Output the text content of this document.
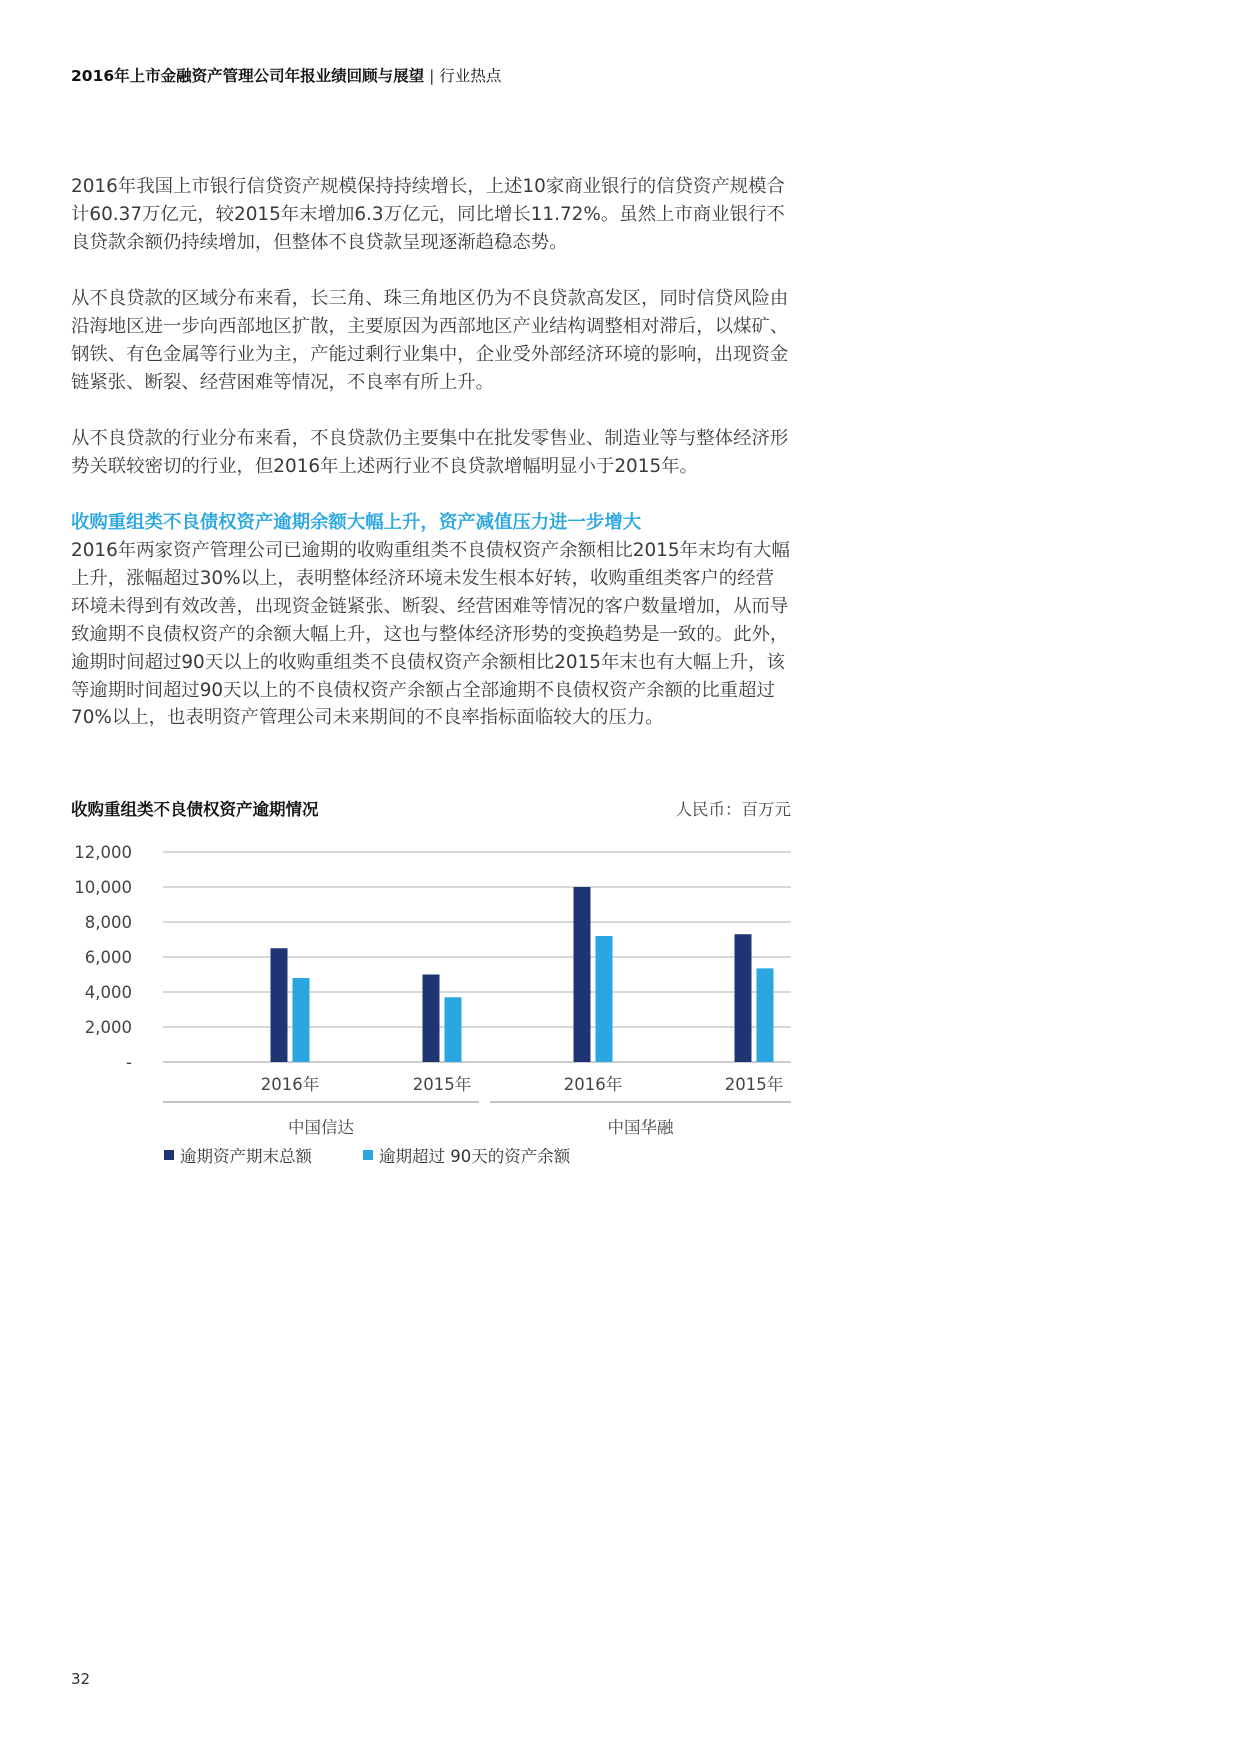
2016年上市金融资产管理公司年报业绩回顾与展望 | 行业热点

2016年我国上市银行信贷资产规模保持持续增长，上述10家商业银行的信贷资产规模合计60.37万亿元，较2015年末增加6.3万亿元，同比增长11.72%。虽然上市商业银行不良贷款余额仍持续增加，但整体不良贷款呈现逐渐趋稳态势。

从不良贷款的区域分布来看，长三角、珠三角地区仍为不良贷款高发区，同时信贷风险由沿海地区进一步向西部地区扩散，主要原因为西部地区产业结构调整相对滞后，以煤矿、钢铁、有色金属等行业为主，产能过剩行业集中，企业受外部经济环境的影响，出现资金链紧张、断裂、经营困难等情况，不良率有所上升。

从不良贷款的行业分布来看，不良贷款仍主要集中在批发零售业、制造业等与整体经济形势关联较密切的行业，但2016年上述两行业不良贷款增幅明显小于2015年。

收购重组类不良债权资产逾期余额大幅上升，资产减值压力进一步增大

2016年两家资产管理公司已逾期的收购重组类不良债权资产余额相比2015年末均有大幅上升，涨幅超过30%以上，表明整体经济环境未发生根本好转，收购重组类客户的经营环境未得到有效改善，出现资金链紧张、断裂、经营困难等情况的客户数量增加，从而导致逾期不良债权资产的余额大幅上升，这也与整体经济形势的变换趋势是一致的。此外，逾期时间超过90天以上的收购重组类不良债权资产余额相比2015年末也有大幅上升，该等逾期时间超过90天以上的不良债权资产余额占全部逾期不良债权资产余额的比重超过70%以上，也表明资产管理公司未来期间的不良率指标面临较大的压力。

收购重组类不良债权资产逾期情况	人民币：百万元
12,000
10,000
8,000
6,000
4,000
2,000
-
2016年	2015年	2016年	2015年
中国信达	中国华融
逾期资产期末总额	逾期超过 90天的资产余额
32
